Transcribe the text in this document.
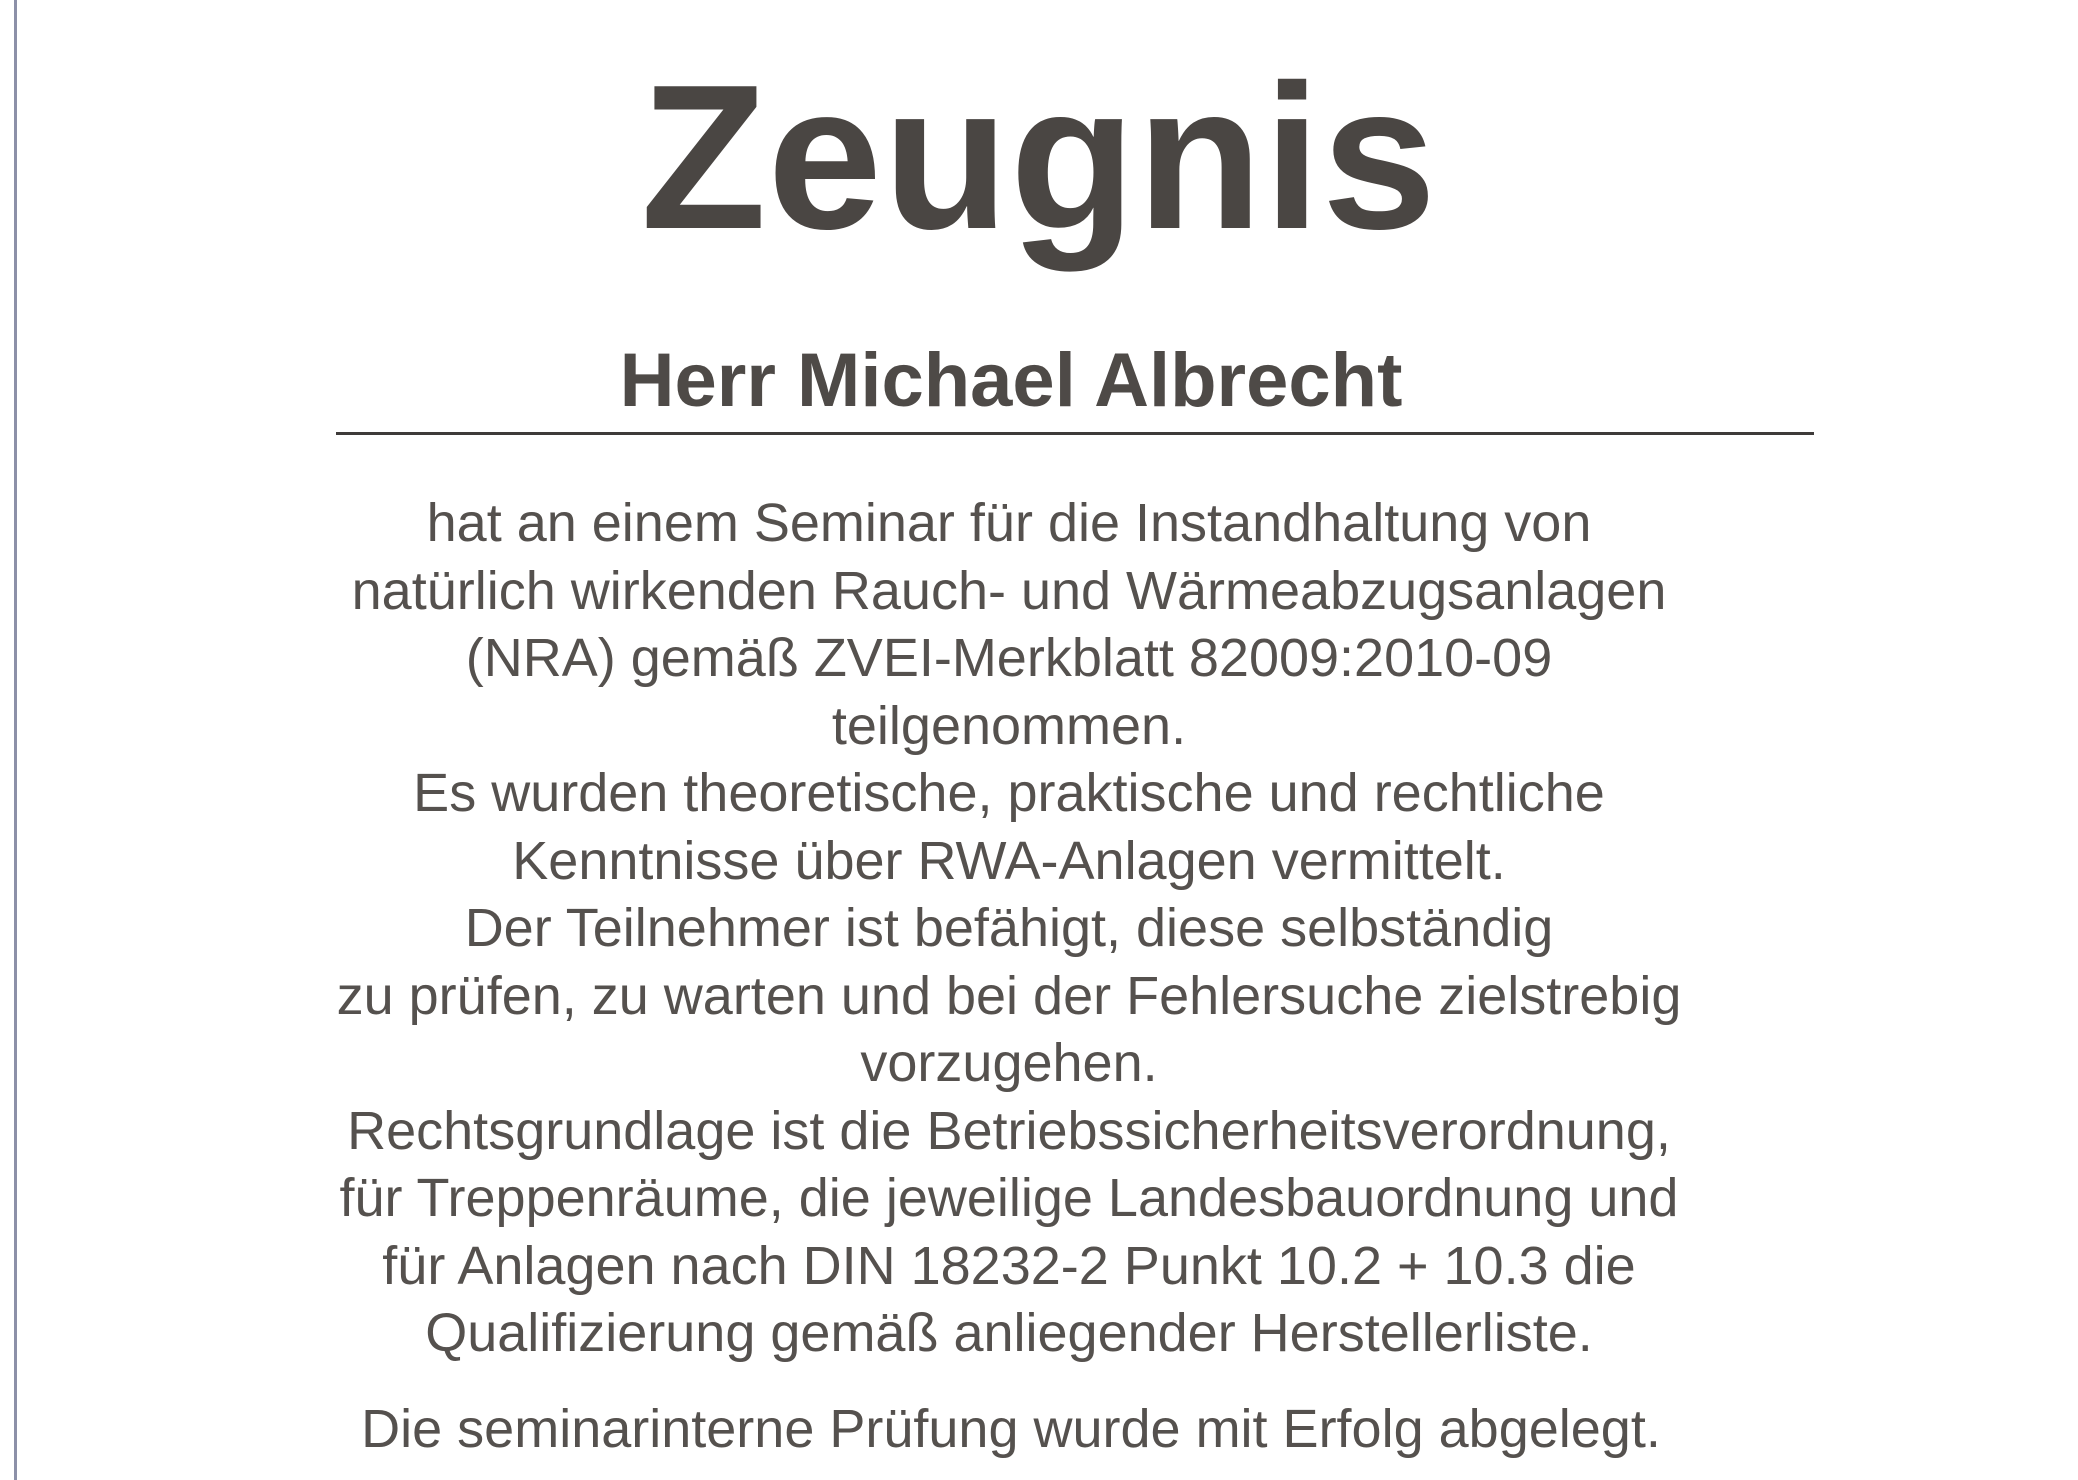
Zeugnis
Herr Michael Albrecht
hat an einem Seminar für die Instandhaltung von
natürlich wirkenden Rauch- und Wärmeabzugsanlagen
(NRA) gemäß ZVEI-Merkblatt 82009:2010-09
teilgenommen.
Es wurden theoretische, praktische und rechtliche
Kenntnisse über RWA-Anlagen vermittelt.
Der Teilnehmer ist befähigt, diese selbständig
zu prüfen, zu warten und bei der Fehlersuche zielstrebig
vorzugehen.
Rechtsgrundlage ist die Betriebssicherheitsverordnung,
für Treppenräume, die jeweilige Landesbauordnung und
für Anlagen nach DIN 18232-2 Punkt 10.2 + 10.3 die
Qualifizierung gemäß anliegender Herstellerliste.
Die seminarinterne Prüfung wurde mit Erfolg abgelegt.
